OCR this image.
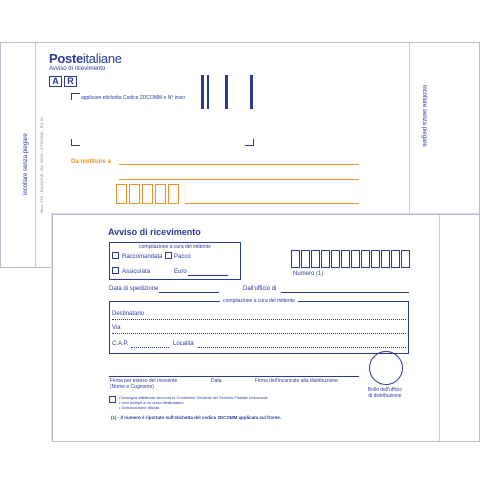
incollare senza piegare	Mod. 23D - Bis(2)/Odf - Ed. 03/18 - DTS/1846 - Ed. 01
incollare senza piegare
Posteitaliane
Avviso di ricevimento
A R
applicare etichetta Codice 2DCOMM e N° invio
Da restituire a
Avviso di ricevimento
compilazione a cura del mittente
Raccomandata Pacco
Assicurata	Euro	Numero (1)
Data di spedizione	Dall'ufficio di
compilazione a cura del mittente
Destinatario
Via
C.A.P.	Località
Firma per esteso del ricevente
(Nome e Cognome)
Data	Firma dell'incaricato alla distribuzione
Bollo dell'ufficio
di distribuzione
Consegna effettuata secondo le Condizioni Generali del Servizio Postale Universale
• Invii multipli a un unico destinatario
• Sottoscrizione tilizata
(1) - Il numero è riportato sull'etichetta del codice 2DCOMM applicata sul fronte.
